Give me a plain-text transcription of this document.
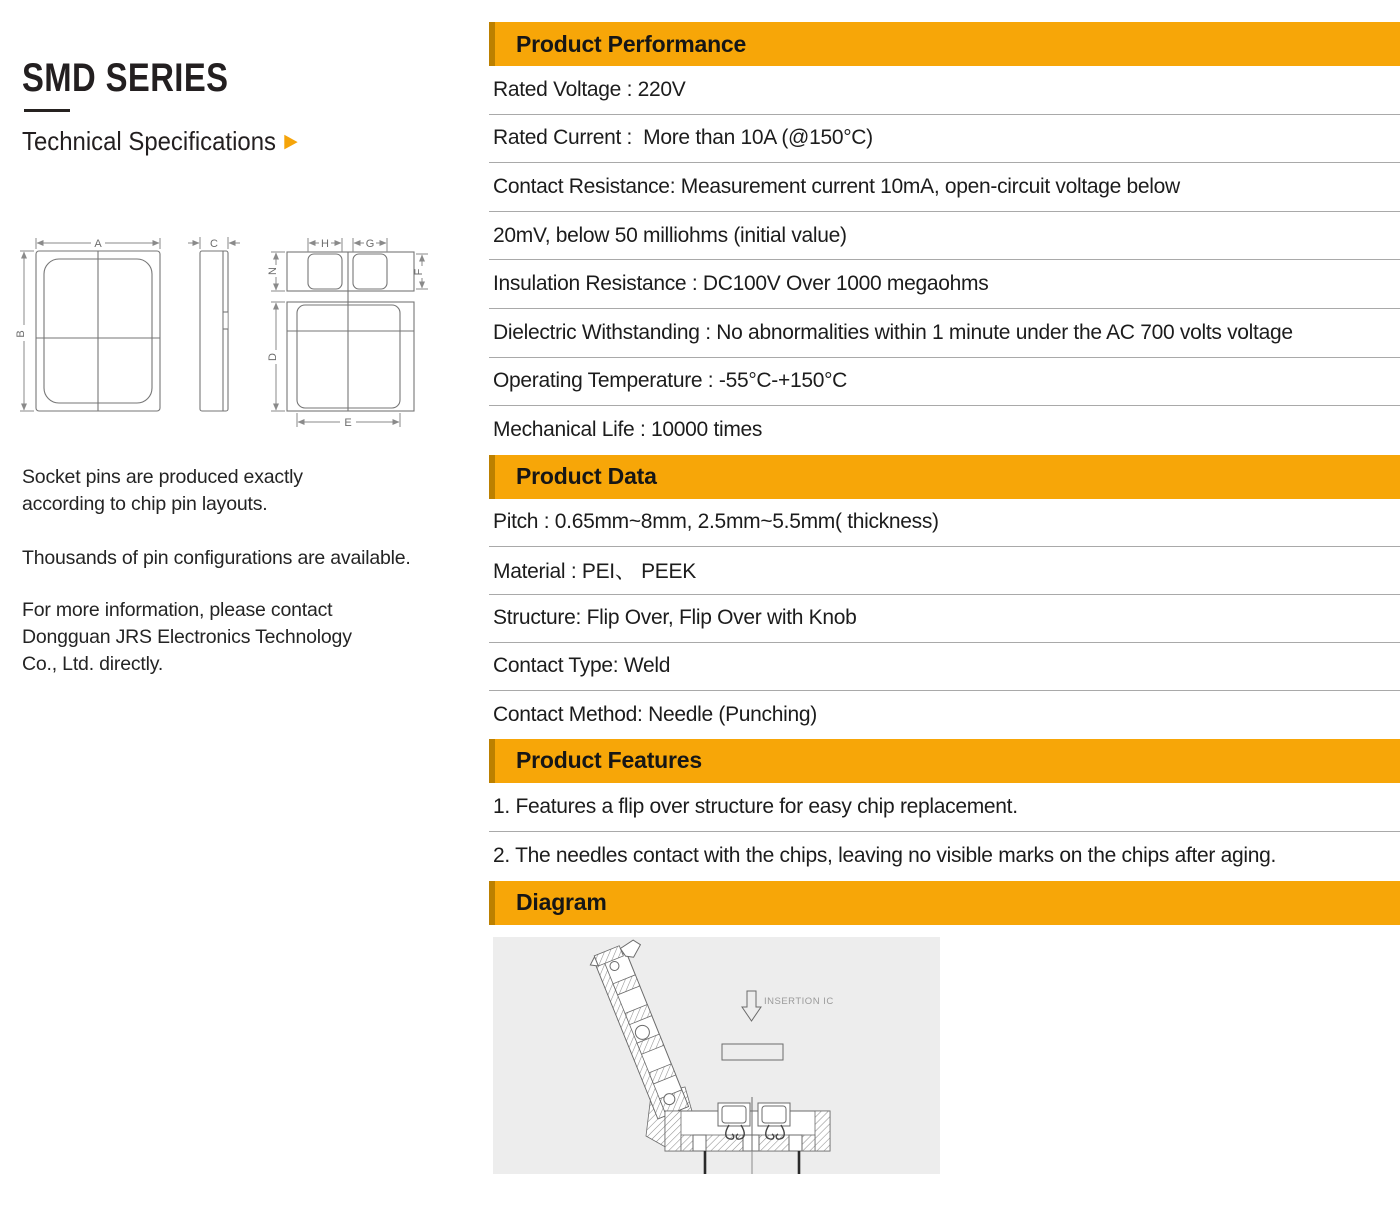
SMD SERIES
Technical Specifications ▶
A
B
C
N
H	G
F
D
E
Socket pins are produced exactly
according to chip pin layouts.
Thousands of pin configurations are available.
For more information, please contact
Dongguan JRS Electronics Technology
Co., Ltd. directly.
Product Performance
Rated Voltage : 220V
Rated Current :  More than 10A (@150°C)
Contact Resistance: Measurement current 10mA, open-circuit voltage below
20mV, below 50 milliohms (initial value)
Insulation Resistance : DC100V Over 1000 megaohms
Dielectric Withstanding : No abnormalities within 1 minute under the AC 700 volts voltage
Operating Temperature : -55°C-+150°C
Mechanical Life : 10000 times
Product Data
Pitch : 0.65mm~8mm, 2.5mm~5.5mm( thickness)
Material : PEI、 PEEK
Structure: Flip Over, Flip Over with Knob
Contact Type: Weld
Contact Method: Needle (Punching)
Product Features
1. Features a flip over structure for easy chip replacement.
2. The needles contact with the chips, leaving no visible marks on the chips after aging.
Diagram
INSERTION IC
